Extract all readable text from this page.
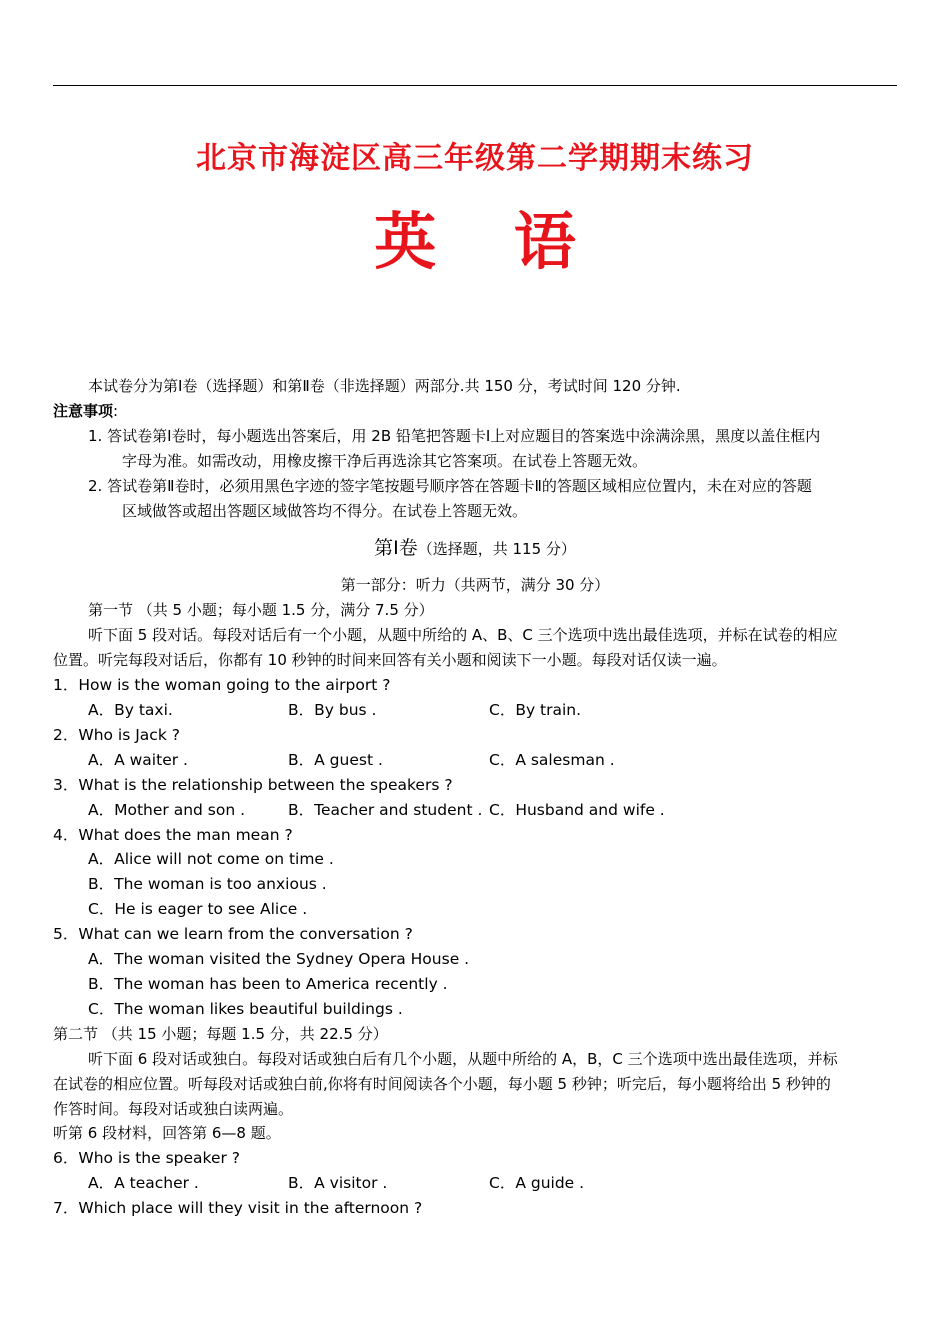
北京市海淀区高三年级第二学期期末练习
英 语
本试卷分为第Ⅰ卷（选择题）和第Ⅱ卷（非选择题）两部分.共 150 分，考试时间 120 分钟.
注意事项:
1. 答试卷第Ⅰ卷时，每小题选出答案后，用 2B 铅笔把答题卡Ⅰ上对应题目的答案选中涂满涂黑，黑度以盖住框内
字母为准。如需改动，用橡皮擦干净后再选涂其它答案项。在试卷上答题无效。
2. 答试卷第Ⅱ卷时，必须用黑色字迹的签字笔按题号顺序答在答题卡Ⅱ的答题区域相应位置内，未在对应的答题
区域做答或超出答题区域做答均不得分。在试卷上答题无效。
第Ⅰ卷（选择题，共 115 分）
第一部分：听力（共两节，满分 30 分）
第一节 （共 5 小题；每小题 1.5 分，满分 7.5 分）
听下面 5 段对话。每段对话后有一个小题，从题中所给的 A、B、C 三个选项中选出最佳选项，并标在试卷的相应
位置。听完每段对话后，你都有 10 秒钟的时间来回答有关小题和阅读下一小题。每段对话仅读一遍。
1．How is the woman going to the airport ?
A．By taxi.	B．By bus .	C．By train.
2．Who is Jack ?
A．A waiter .	B．A guest .	C．A salesman .
3．What is the relationship between the speakers ?
A．Mother and son .	B．Teacher and student . C．Husband and wife .
4．What does the man mean ?
A．Alice will not come on time .
B．The woman is too anxious .
C．He is eager to see Alice .
5．What can we learn from the conversation ?
A．The woman visited the Sydney Opera House .
B．The woman has been to America recently .
C．The woman likes beautiful buildings .
第二节 （共 15 小题；每题 1.5 分，共 22.5 分）
听下面 6 段对话或独白。每段对话或独白后有几个小题，从题中所给的 A，B，C 三个选项中选出最佳选项，并标
在试卷的相应位置。听每段对话或独白前,你将有时间阅读各个小题，每小题 5 秒钟；听完后，每小题将给出 5 秒钟的
作答时间。每段对话或独白读两遍。
听第 6 段材料，回答第 6—8 题。
6．Who is the speaker ?
A．A teacher .	B．A visitor .	C．A guide .
7．Which place will they visit in the afternoon ?
